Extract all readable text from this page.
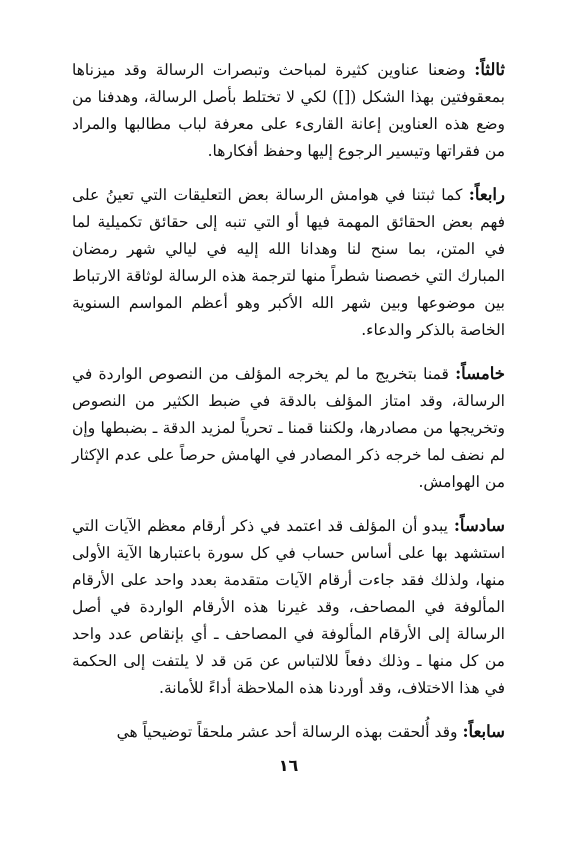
ثالثاً: وضعنا عناوين كثيرة لمباحث وتبصرات الرسالة وقد ميزناها بمعقوفتين بهذا الشكل ([]) لكي لا تختلط بأصل الرسالة، وهدفنا من وضع هذه العناوين إعانة القارىء على معرفة لباب مطالبها والمراد من فقراتها وتيسير الرجوع إليها وحفظ أفكارها.

رابعاً: كما ثبتنا في هوامش الرسالة بعض التعليقات التي تعينُ على فهم بعض الحقائق المهمة فيها أو التي تنبه إلى حقائق تكميلية لما في المتن، بما سنح لنا وهدانا الله إليه في ليالي شهر رمضان المبارك التي خصصنا شطراً منها لترجمة هذه الرسالة لوثاقة الارتباط بين موضوعها وبين شهر الله الأكبر وهو أعظم المواسم السنوية الخاصة بالذكر والدعاء.

خامساً: قمنا بتخريج ما لم يخرجه المؤلف من النصوص الواردة في الرسالة، وقد امتاز المؤلف بالدقة في ضبط الكثير من النصوص وتخريجها من مصادرها، ولكننا قمنا ـ تحرياً لمزيد الدقة ـ بضبطها وإن لم نضف لما خرجه ذكر المصادر في الهامش حرصاً على عدم الإكثار من الهوامش.

سادساً: يبدو أن المؤلف قد اعتمد في ذكر أرقام معظم الآيات التي استشهد بها على أساس حساب في كل سورة باعتبارها الآية الأولى منها، ولذلك فقد جاءت أرقام الآيات متقدمة بعدد واحد على الأرقام المألوفة في المصاحف، وقد غيرنا هذه الأرقام الواردة في أصل الرسالة إلى الأرقام المألوفة في المصاحف ـ أي بإنقاص عدد واحد من كل منها ـ وذلك دفعاً للالتباس عن مَن قد لا يلتفت إلى الحكمة في هذا الاختلاف، وقد أوردنا هذه الملاحظة أداءً للأمانة.

سابعاً: وقد أُلحقت بهذه الرسالة أحد عشر ملحقاً توضيحياً هي

١٦
